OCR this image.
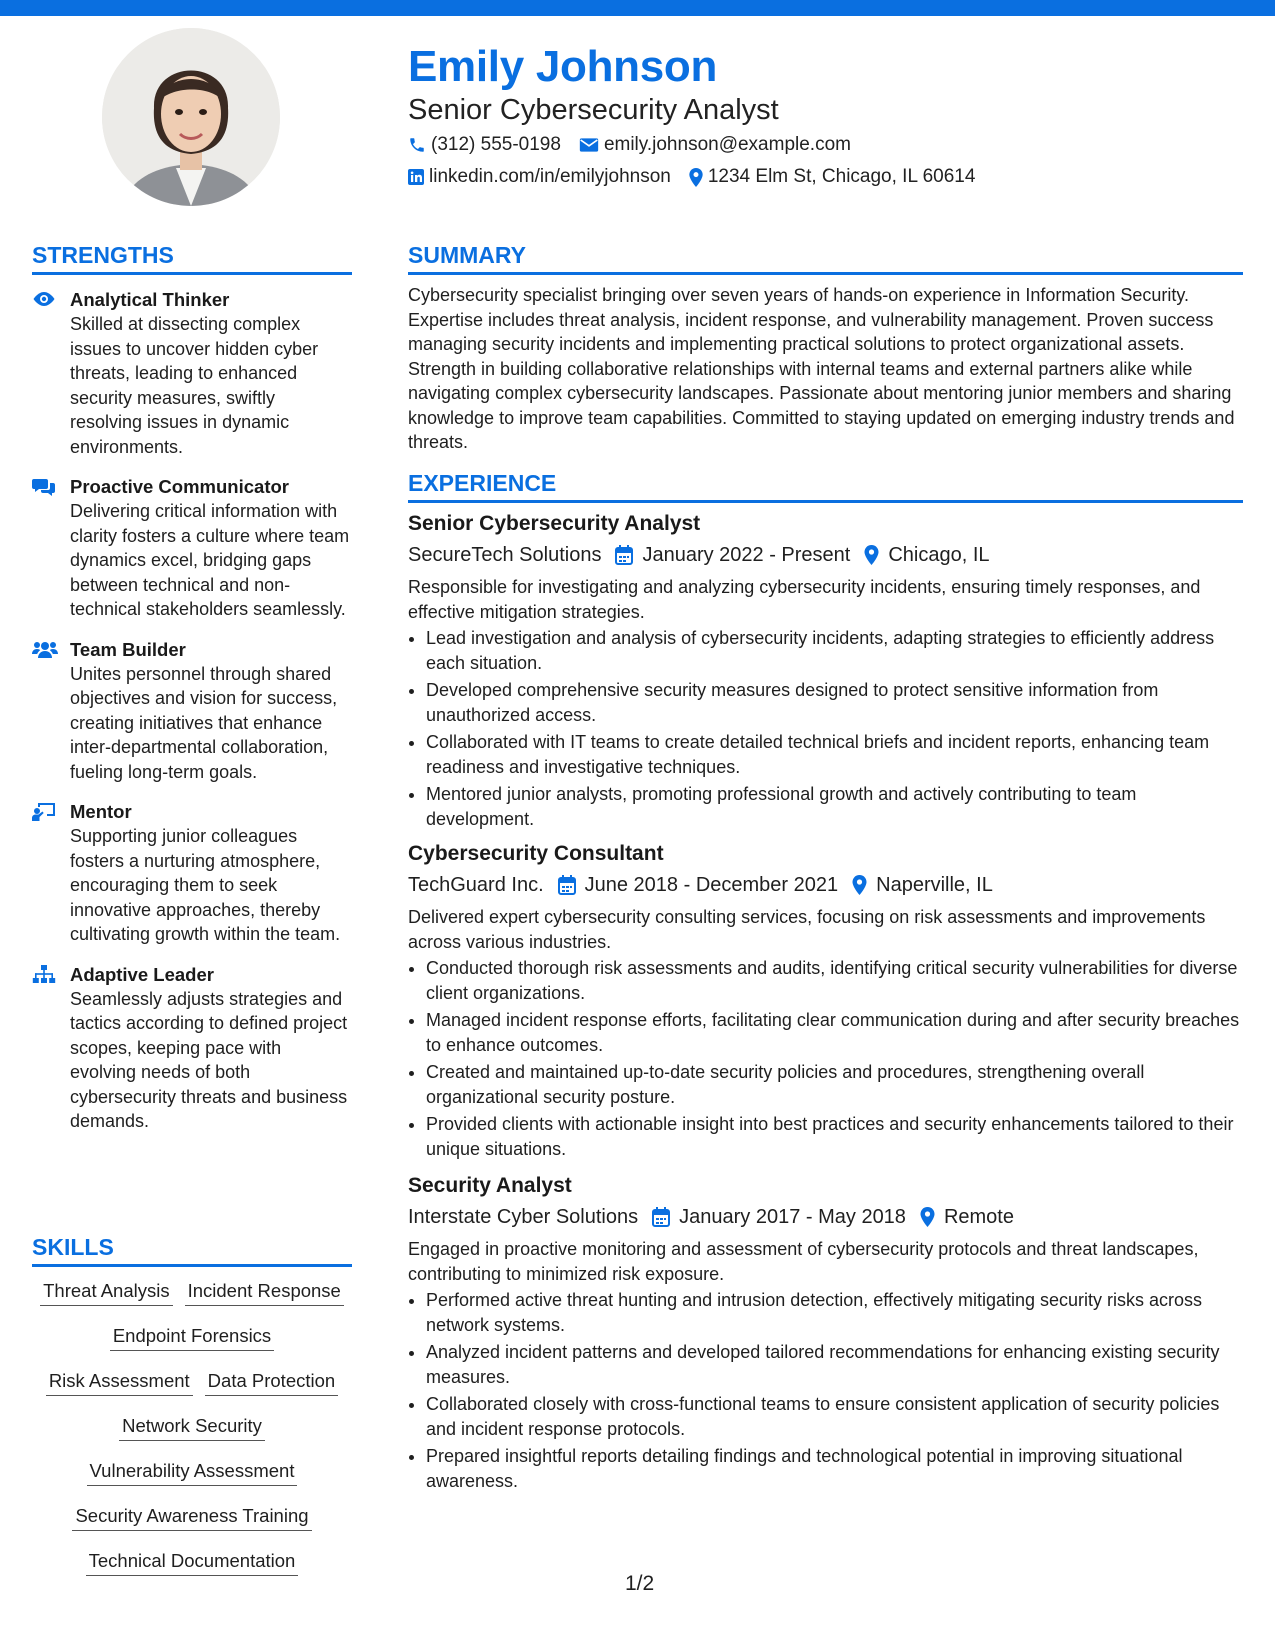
Emily Johnson
Senior Cybersecurity Analyst
(312) 555-0198 emily.johnson@example.com
linkedin.com/in/emilyjohnson 1234 Elm St, Chicago, IL 60614
STRENGTHS
Analytical Thinker
Skilled at dissecting complex issues to uncover hidden cyber threats, leading to enhanced security measures, swiftly resolving issues in dynamic environments.
Proactive Communicator
Delivering critical information with clarity fosters a culture where team dynamics excel, bridging gaps between technical and non-technical stakeholders seamlessly.
Team Builder
Unites personnel through shared objectives and vision for success, creating initiatives that enhance inter-departmental collaboration, fueling long-term goals.
Mentor
Supporting junior colleagues fosters a nurturing atmosphere, encouraging them to seek innovative approaches, thereby cultivating growth within the team.
Adaptive Leader
Seamlessly adjusts strategies and tactics according to defined project scopes, keeping pace with evolving needs of both cybersecurity threats and business demands.
SKILLS
Threat Analysis Incident Response
Endpoint Forensics
Risk Assessment Data Protection
Network Security
Vulnerability Assessment
Security Awareness Training
Technical Documentation
SUMMARY
Cybersecurity specialist bringing over seven years of hands-on experience in Information Security. Expertise includes threat analysis, incident response, and vulnerability management. Proven success managing security incidents and implementing practical solutions to protect organizational assets. Strength in building collaborative relationships with internal teams and external partners alike while navigating complex cybersecurity landscapes. Passionate about mentoring junior members and sharing knowledge to improve team capabilities. Committed to staying updated on emerging industry trends and threats.
EXPERIENCE
Senior Cybersecurity Analyst
SecureTech Solutions January 2022 - Present Chicago, IL
Responsible for investigating and analyzing cybersecurity incidents, ensuring timely responses, and effective mitigation strategies.
• Lead investigation and analysis of cybersecurity incidents, adapting strategies to efficiently address each situation.
• Developed comprehensive security measures designed to protect sensitive information from unauthorized access.
• Collaborated with IT teams to create detailed technical briefs and incident reports, enhancing team readiness and investigative techniques.
• Mentored junior analysts, promoting professional growth and actively contributing to team development.
Cybersecurity Consultant
TechGuard Inc. June 2018 - December 2021 Naperville, IL
Delivered expert cybersecurity consulting services, focusing on risk assessments and improvements across various industries.
• Conducted thorough risk assessments and audits, identifying critical security vulnerabilities for diverse client organizations.
• Managed incident response efforts, facilitating clear communication during and after security breaches to enhance outcomes.
• Created and maintained up-to-date security policies and procedures, strengthening overall organizational security posture.
• Provided clients with actionable insight into best practices and security enhancements tailored to their unique situations.
Security Analyst
Interstate Cyber Solutions January 2017 - May 2018 Remote
Engaged in proactive monitoring and assessment of cybersecurity protocols and threat landscapes, contributing to minimized risk exposure.
• Performed active threat hunting and intrusion detection, effectively mitigating security risks across network systems.
• Analyzed incident patterns and developed tailored recommendations for enhancing existing security measures.
• Collaborated closely with cross-functional teams to ensure consistent application of security policies and incident response protocols.
• Prepared insightful reports detailing findings and technological potential in improving situational awareness.
1/2
